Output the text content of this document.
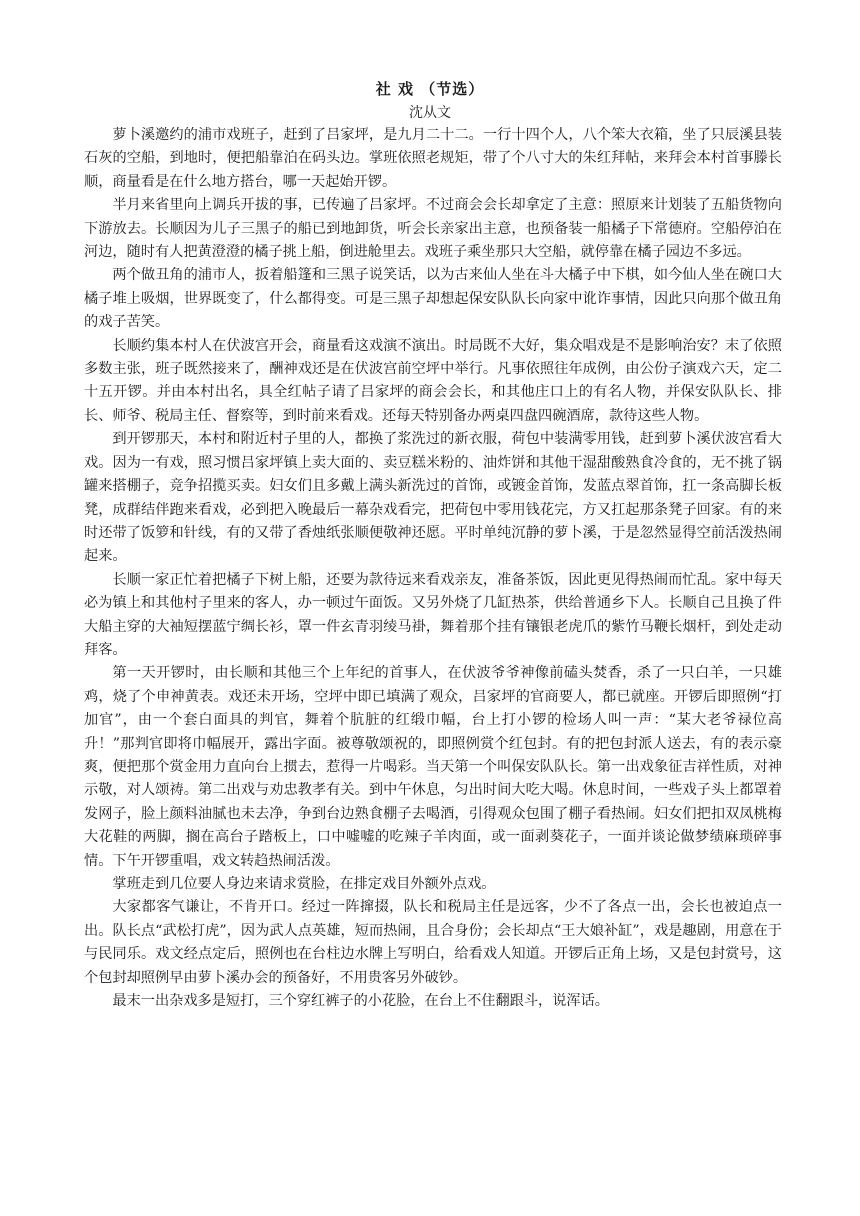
社 戏 （节选）
沈从文

萝卜溪邀约的浦市戏班子，赶到了吕家坪，是九月二十二。一行十四个人，八个笨大衣箱，坐了只辰溪县装石灰的空船，到地时，便把船靠泊在码头边。掌班依照老规矩，带了个八寸大的朱红拜帖，来拜会本村首事滕长顺，商量看是在什么地方搭台，哪一天起始开锣。

半月来省里向上调兵开拔的事，已传遍了吕家坪。不过商会会长却拿定了主意：照原来计划装了五船货物向下游放去。长顺因为儿子三黑子的船已到地卸货，听会长亲家出主意，也预备装一船橘子下常德府。空船停泊在河边，随时有人把黄澄澄的橘子挑上船，倒进舱里去。戏班子乘坐那只大空船，就停靠在橘子园边不多远。

两个做丑角的浦市人，扳着船篷和三黑子说笑话，以为古来仙人坐在斗大橘子中下棋，如今仙人坐在碗口大橘子堆上吸烟，世界既变了，什么都得变。可是三黑子却想起保安队队长向家中讹诈事情，因此只向那个做丑角的戏子苦笑。

长顺约集本村人在伏波宫开会，商量看这戏演不演出。时局既不大好，集众唱戏是不是影响治安？末了依照多数主张，班子既然接来了，酬神戏还是在伏波宫前空坪中举行。凡事依照往年成例，由公份子演戏六天，定二十五开锣。并由本村出名，具全红帖子请了吕家坪的商会会长，和其他庄口上的有名人物，并保安队队长、排长、师爷、税局主任、督察等，到时前来看戏。还每天特别备办两桌四盘四碗酒席，款待这些人物。

到开锣那天，本村和附近村子里的人，都换了浆洗过的新衣服，荷包中装满零用钱，赶到萝卜溪伏波宫看大戏。因为一有戏，照习惯吕家坪镇上卖大面的、卖豆糕米粉的、油炸饼和其他干湿甜酸熟食冷食的，无不挑了锅罐来搭棚子，竞争招揽买卖。妇女们且多戴上满头新洗过的首饰，或镀金首饰，发蓝点翠首饰，扛一条高脚长板凳，成群结伴跑来看戏，必到把入晚最后一幕杂戏看完，把荷包中零用钱花完，方又扛起那条凳子回家。有的来时还带了饭箩和针线，有的又带了香烛纸张顺便敬神还愿。平时单纯沉静的萝卜溪，于是忽然显得空前活泼热闹起来。

长顺一家正忙着把橘子下树上船，还要为款待远来看戏亲友，准备茶饭，因此更见得热闹而忙乱。家中每天必为镇上和其他村子里来的客人，办一顿过午面饭。又另外烧了几缸热茶，供给普通乡下人。长顺自己且换了件大船主穿的大袖短摆蓝宁绸长衫，罩一件玄青羽绫马褂，舞着那个挂有镶银老虎爪的紫竹马鞭长烟杆，到处走动拜客。

第一天开锣时，由长顺和其他三个上年纪的首事人，在伏波爷爷神像前磕头焚香，杀了一只白羊，一只雄鸡，烧了个申神黄表。戏还未开场，空坪中即已填满了观众，吕家坪的官商要人，都已就座。开锣后即照例“打加官”，由一个套白面具的判官，舞着个肮脏的红缎巾幅，台上打小锣的检场人叫一声：“某大老爷禄位高升！”那判官即将巾幅展开，露出字面。被尊敬颂祝的，即照例赏个红包封。有的把包封派人送去，有的表示豪爽，便把那个赏金用力直向台上掼去，惹得一片喝彩。当天第一个叫保安队队长。第一出戏象征吉祥性质，对神示敬，对人颂祷。第二出戏与劝忠教孝有关。到中午休息，匀出时间大吃大喝。休息时间，一些戏子头上都罩着发网子，脸上颜料油腻也未去净，争到台边熟食棚子去喝酒，引得观众包围了棚子看热闹。妇女们把扣双凤桃梅大花鞋的两脚，搁在高台子踏板上，口中嘘嘘的吃辣子羊肉面，或一面剥葵花子，一面并谈论做梦绩麻琐碎事情。下午开锣重唱，戏文转趋热闹活泼。

掌班走到几位要人身边来请求赏脸，在排定戏目外额外点戏。

大家都客气谦让，不肯开口。经过一阵撺掇，队长和税局主任是远客，少不了各点一出，会长也被迫点一出。队长点“武松打虎”，因为武人点英雄，短而热闹，且合身份；会长却点“王大娘补缸”，戏是趣剧，用意在于与民同乐。戏文经点定后，照例也在台柱边水牌上写明白，给看戏人知道。开锣后正角上场，又是包封赏号，这个包封却照例早由萝卜溪办会的预备好，不用贵客另外破钞。

最末一出杂戏多是短打，三个穿红裤子的小花脸，在台上不住翻跟斗，说浑话。
